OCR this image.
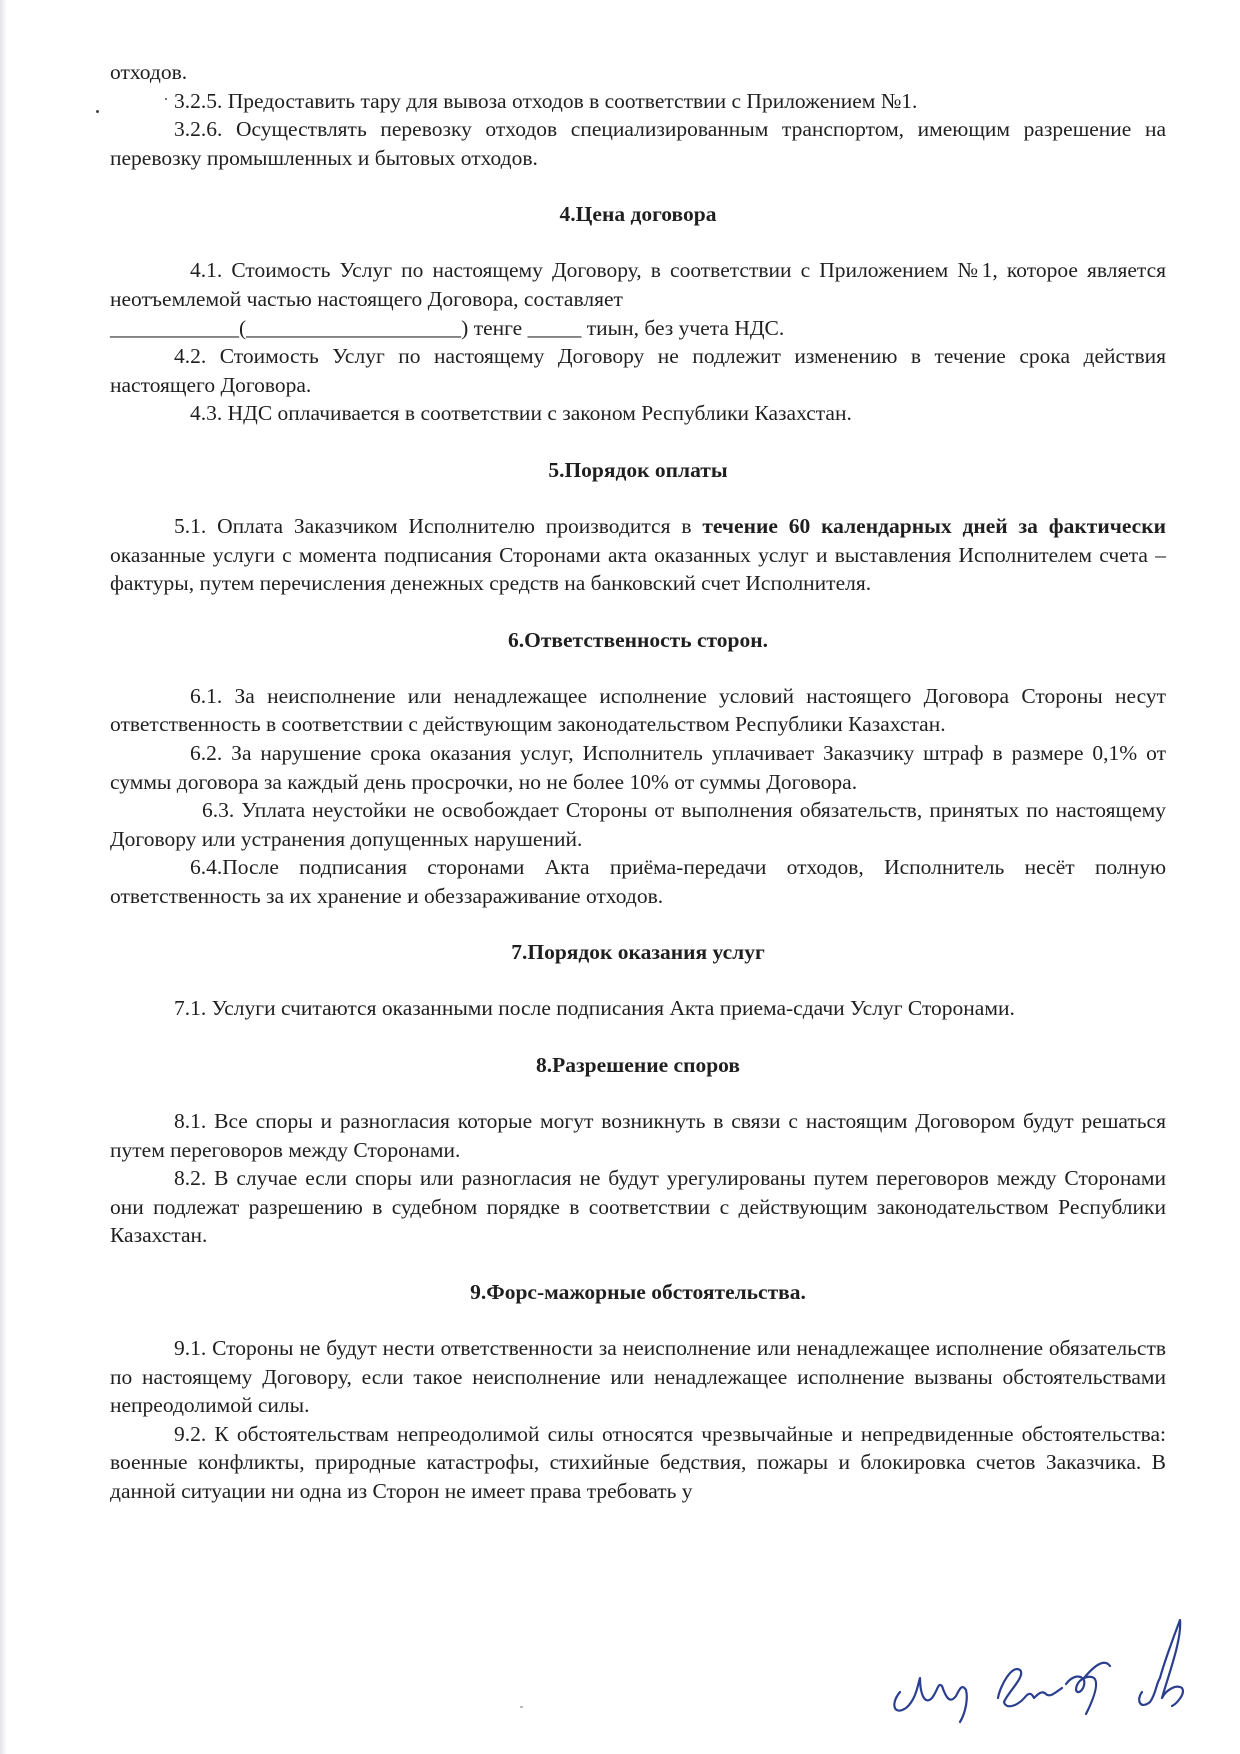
отходов.

3.2.5. Предоставить тару для вывоза отходов в соответствии с Приложением №1.

3.2.6. Осуществлять перевозку отходов специализированным транспортом, имеющим разрешение на перевозку промышленных и бытовых отходов.

4.Цена договора

4.1. Стоимость Услуг по настоящему Договору, в соответствии с Приложением №1, которое является неотъемлемой частью настоящего Договора, составляет

____________(____________________) тенге _____ тиын, без учета НДС.

4.2. Стоимость Услуг по настоящему Договору не подлежит изменению в течение срока действия настоящего Договора.

4.3. НДС оплачивается в соответствии с законом Республики Казахстан.

5.Порядок оплаты

5.1. Оплата Заказчиком Исполнителю производится в течение 60 календарных дней за фактически оказанные услуги с момента подписания Сторонами акта оказанных услуг и выставления Исполнителем счета – фактуры, путем перечисления денежных средств на банковский счет Исполнителя.

6.Ответственность сторон.

6.1. За неисполнение или ненадлежащее исполнение условий настоящего Договора Стороны несут ответственность в соответствии с действующим законодательством Республики Казахстан.

6.2. За нарушение срока оказания услуг, Исполнитель уплачивает Заказчику штраф в размере 0,1% от суммы договора за каждый день просрочки, но не более 10% от суммы Договора.

6.3. Уплата неустойки не освобождает Стороны от выполнения обязательств, принятых по настоящему Договору или устранения допущенных нарушений.

6.4.После подписания сторонами Акта приёма-передачи отходов, Исполнитель несёт полную ответственность за их хранение и обеззараживание отходов.

7.Порядок оказания услуг

7.1. Услуги считаются оказанными после подписания Акта приема-сдачи Услуг Сторонами.

8.Разрешение споров

8.1. Все споры и разногласия которые могут возникнуть в связи с настоящим Договором будут решаться путем переговоров между Сторонами.

8.2. В случае если споры или разногласия не будут урегулированы путем переговоров между Сторонами они подлежат разрешению в судебном порядке в соответствии с действующим законодательством Республики Казахстан.

9.Форс-мажорные обстоятельства.

9.1. Стороны не будут нести ответственности за неисполнение или ненадлежащее исполнение обязательств по настоящему Договору, если такое неисполнение или ненадлежащее исполнение вызваны обстоятельствами непреодолимой силы.

9.2. К обстоятельствам непреодолимой силы относятся чрезвычайные и непредвиденные обстоятельства: военные конфликты, природные катастрофы, стихийные бедствия, пожары и блокировка счетов Заказчика. В данной ситуации ни одна из Сторон не имеет права требовать у
